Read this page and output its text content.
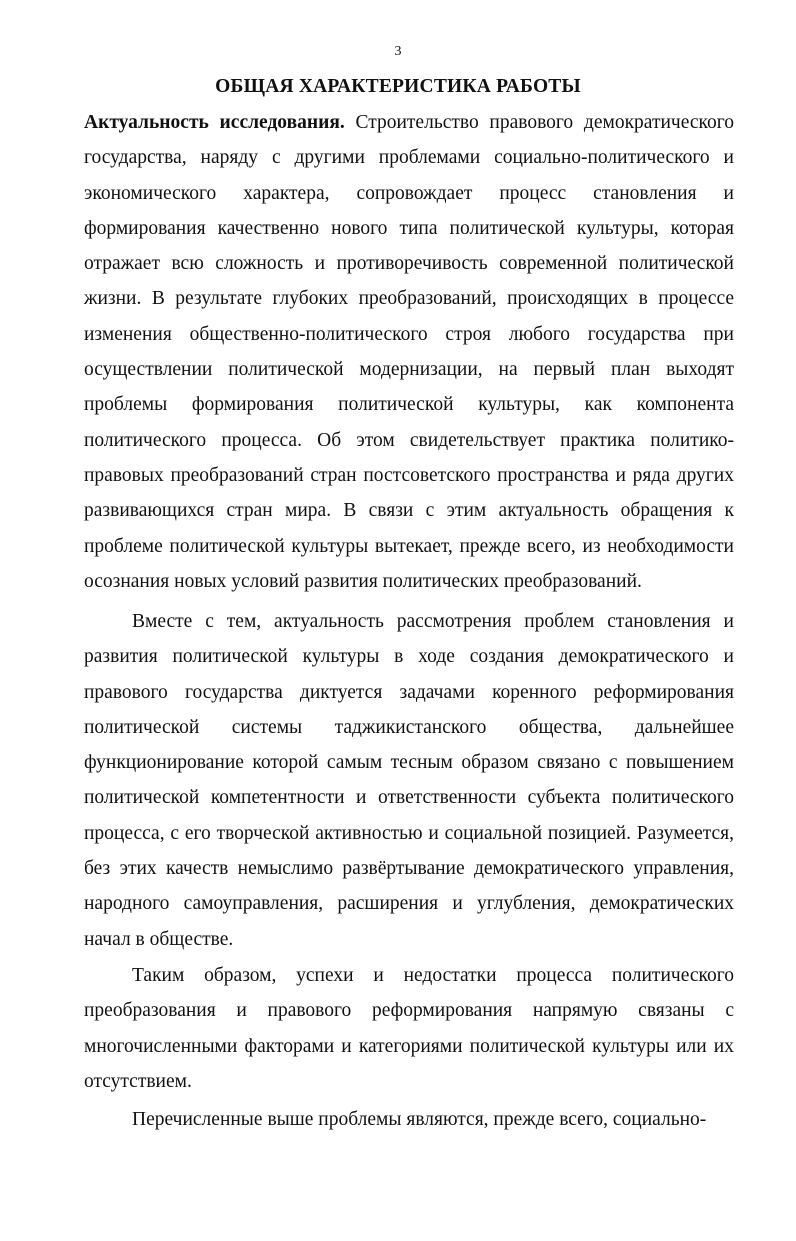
3
ОБЩАЯ ХАРАКТЕРИСТИКА РАБОТЫ

Актуальность исследования. Строительство правового демократического государства, наряду с другими проблемами социально-политического и экономического характера, сопровождает процесс становления и формирования качественно нового типа политической культуры, которая отражает всю сложность и противоречивость современной политической жизни. В результате глубоких преобразований, происходящих в процессе изменения общественно-политического строя любого государства при осуществлении политической модернизации, на первый план выходят проблемы формирования политической культуры, как компонента политического процесса. Об этом свидетельствует практика политико-правовых преобразований стран постсоветского пространства и ряда других развивающихся стран мира. В связи с этим актуальность обращения к проблеме политической культуры вытекает, прежде всего, из необходимости осознания новых условий развития политических преобразований.

Вместе с тем, актуальность рассмотрения проблем становления и развития политической культуры в ходе создания демократического и правового государства диктуется задачами коренного реформирования политической системы таджикистанского общества, дальнейшее функционирование которой самым тесным образом связано с повышением политической компетентности и ответственности субъекта политического процесса, с его творческой активностью и социальной позицией. Разумеется, без этих качеств немыслимо развёртывание демократического управления, народного самоуправления, расширения и углубления, демократических начал в обществе.

Таким образом, успехи и недостатки процесса политического преобразования и правового реформирования напрямую связаны с многочисленными факторами и категориями политической культуры или их отсутствием.

Перечисленные выше проблемы являются, прежде всего, социально-
